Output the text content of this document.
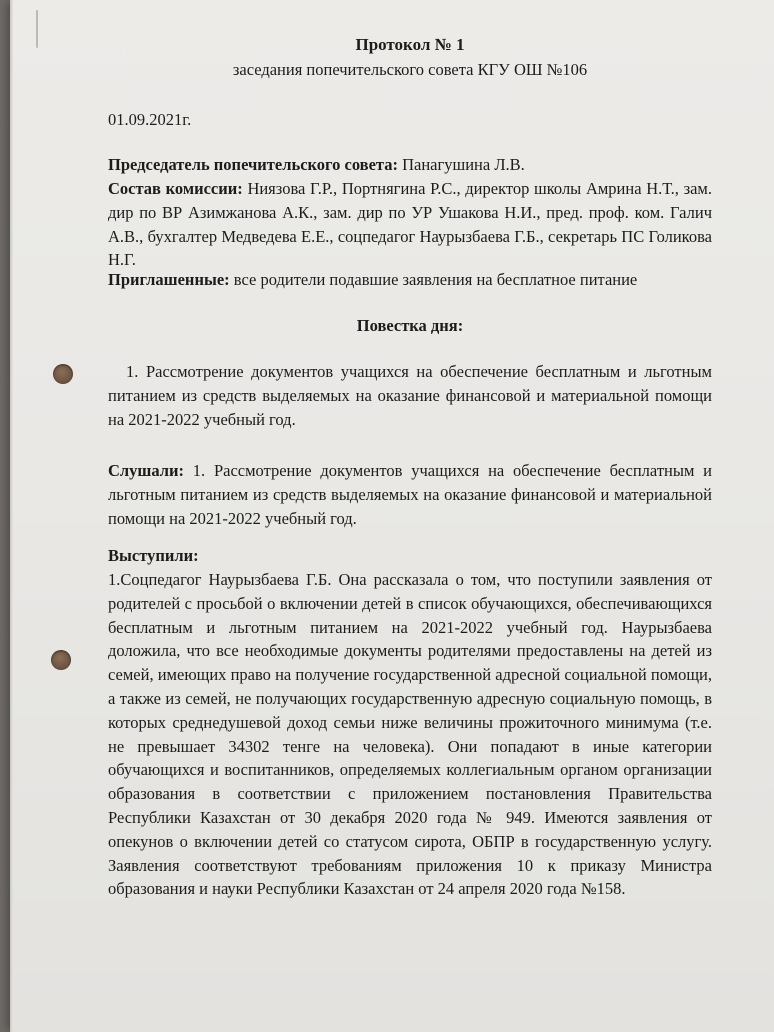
Протокол № 1
заседания попечительского совета КГУ ОШ №106
01.09.2021г.
Председатель попечительского совета: Панагушина Л.В.
Состав комиссии: Ниязова Г.Р., Портнягина Р.С., директор школы Амрина Н.Т., зам. дир по ВР Азимжанова А.К., зам. дир по УР Ушакова Н.И., пред. проф. ком. Галич А.В., бухгалтер Медведева Е.Е., соцпедагог Наурызбаева Г.Б., секретарь ПС Голикова Н.Г.
Приглашенные: все родители подавшие заявления на бесплатное питание
Повестка дня:
1. Рассмотрение документов учащихся на обеспечение бесплатным и льготным питанием из средств выделяемых на оказание финансовой и материальной помощи на 2021-2022 учебный год.
Слушали: 1. Рассмотрение документов учащихся на обеспечение бесплатным и льготным питанием из средств выделяемых на оказание финансовой и материальной помощи на 2021-2022 учебный год.
Выступили:
1.Соцпедагог Наурызбаева Г.Б. Она рассказала о том, что поступили заявления от родителей с просьбой о включении детей в список обучающихся, обеспечивающихся бесплатным и льготным питанием на 2021-2022 учебный год. Наурызбаева доложила, что все необходимые документы родителями предоставлены на детей из семей, имеющих право на получение государственной адресной социальной помощи, а также из семей, не получающих государственную адресную социальную помощь, в которых среднедушевой доход семьи ниже величины прожиточного минимума (т.е. не превышает 34302 тенге на человека). Они попадают в иные категории обучающихся и воспитанников, определяемых коллегиальным органом организации образования в соответствии с приложением постановления Правительства Республики Казахстан от 30 декабря 2020 года № 949. Имеются заявления от опекунов о включении детей со статусом сирота, ОБПР в государственную услугу. Заявления соответствуют требованиям приложения 10 к приказу Министра образования и науки Республики Казахстан от 24 апреля 2020 года №158.
